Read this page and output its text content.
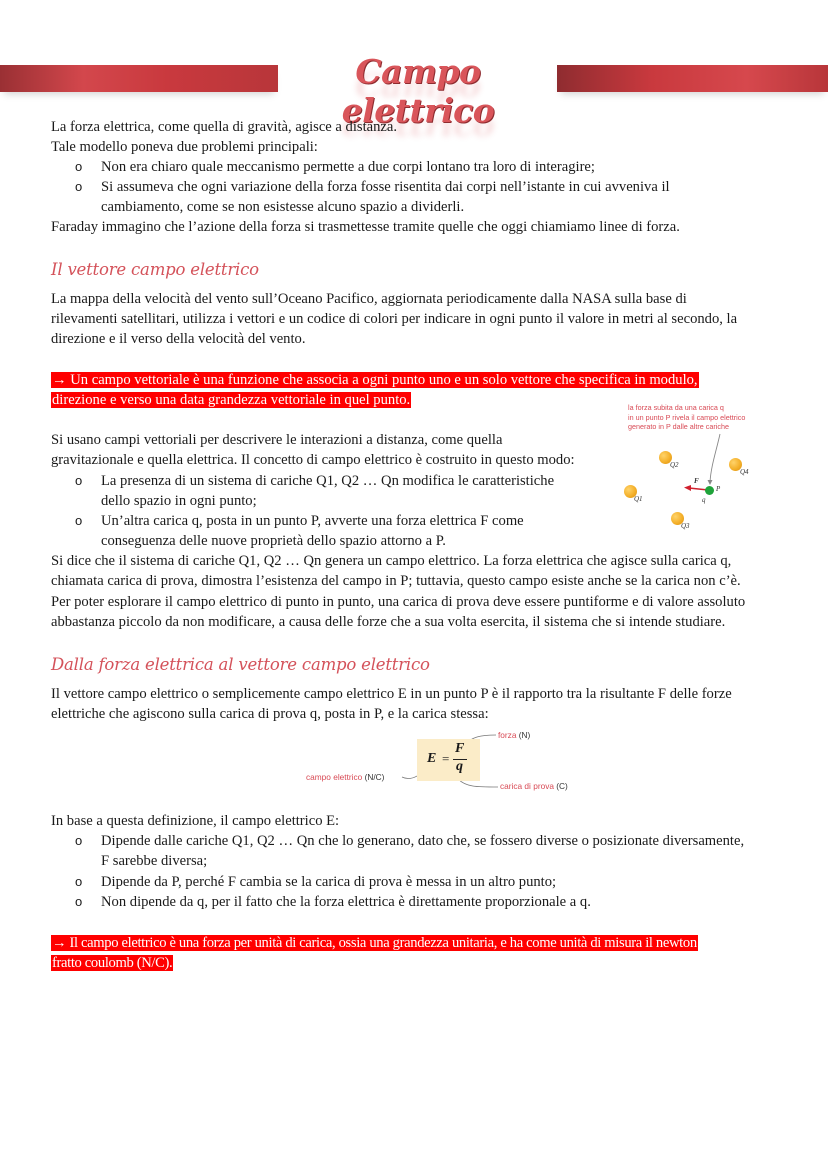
Campo elettrico
La forza elettrica, come quella di gravità, agisce a distanza.
Tale modello poneva due problemi principali:
o Non era chiaro quale meccanismo permette a due corpi lontano tra loro di interagire;
o Si assumeva che ogni variazione della forza fosse risentita dai corpi nell’istante in cui avveniva il
cambiamento, come se non esistesse alcuno spazio a dividerli.
Faraday immagino che l’azione della forza si trasmettesse tramite quelle che oggi chiamiamo linee di forza.
Il vettore campo elettrico
La mappa della velocità del vento sull’Oceano Pacifico, aggiornata periodicamente dalla NASA sulla base di
rilevamenti satellitari, utilizza i vettori e un codice di colori per indicare in ogni punto il valore in metri al secondo, la
direzione e il verso della velocità del vento.
→ Un campo vettoriale è una funzione che associa a ogni punto uno e un solo vettore che specifica in modulo,
direzione e verso una data grandezza vettoriale in quel punto.
Si usano campi vettoriali per descrivere le interazioni a distanza, come quella
gravitazionale e quella elettrica. Il concetto di campo elettrico è costruito in questo modo:
o La presenza di un sistema di cariche Q1, Q2 … Qn modifica le caratteristiche
dello spazio in ogni punto;
o Un’altra carica q, posta in un punto P, avverte una forza elettrica F come
conseguenza delle nuove proprietà dello spazio attorno a P.
Si dice che il sistema di cariche Q1, Q2 … Qn genera un campo elettrico. La forza elettrica che agisce sulla carica q,
chiamata carica di prova, dimostra l’esistenza del campo in P; tuttavia, questo campo esiste anche se la carica non c’è.
Per poter esplorare il campo elettrico di punto in punto, una carica di prova deve essere puntiforme e di valore assoluto
abbastanza piccolo da non modificare, a causa delle forze che a sua volta esercita, il sistema che si intende studiare.
la forza subita da una carica q
in un punto P rivela il campo elettrico
generato in P dalle altre cariche
Q2
Q4
Q1
Q3
P
q
F
Dalla forza elettrica al vettore campo elettrico
Il vettore campo elettrico o semplicemente campo elettrico E in un punto P è il rapporto tra la risultante F delle forze
elettriche che agiscono sulla carica di prova q, posta in P, e la carica stessa:
E =
F
q
forza (N)
campo elettrico (N/C)
carica di prova (C)
In base a questa definizione, il campo elettrico E:
o Dipende dalle cariche Q1, Q2 … Qn che lo generano, dato che, se fossero diverse o posizionate diversamente,
F sarebbe diversa;
o Dipende da P, perché F cambia se la carica di prova è messa in un altro punto;
o Non dipende da q, per il fatto che la forza elettrica è direttamente proporzionale a q.
→ Il campo elettrico è una forza per unità di carica, ossia una grandezza unitaria, e ha come unità di misura il newton
fratto coulomb (N/C).
